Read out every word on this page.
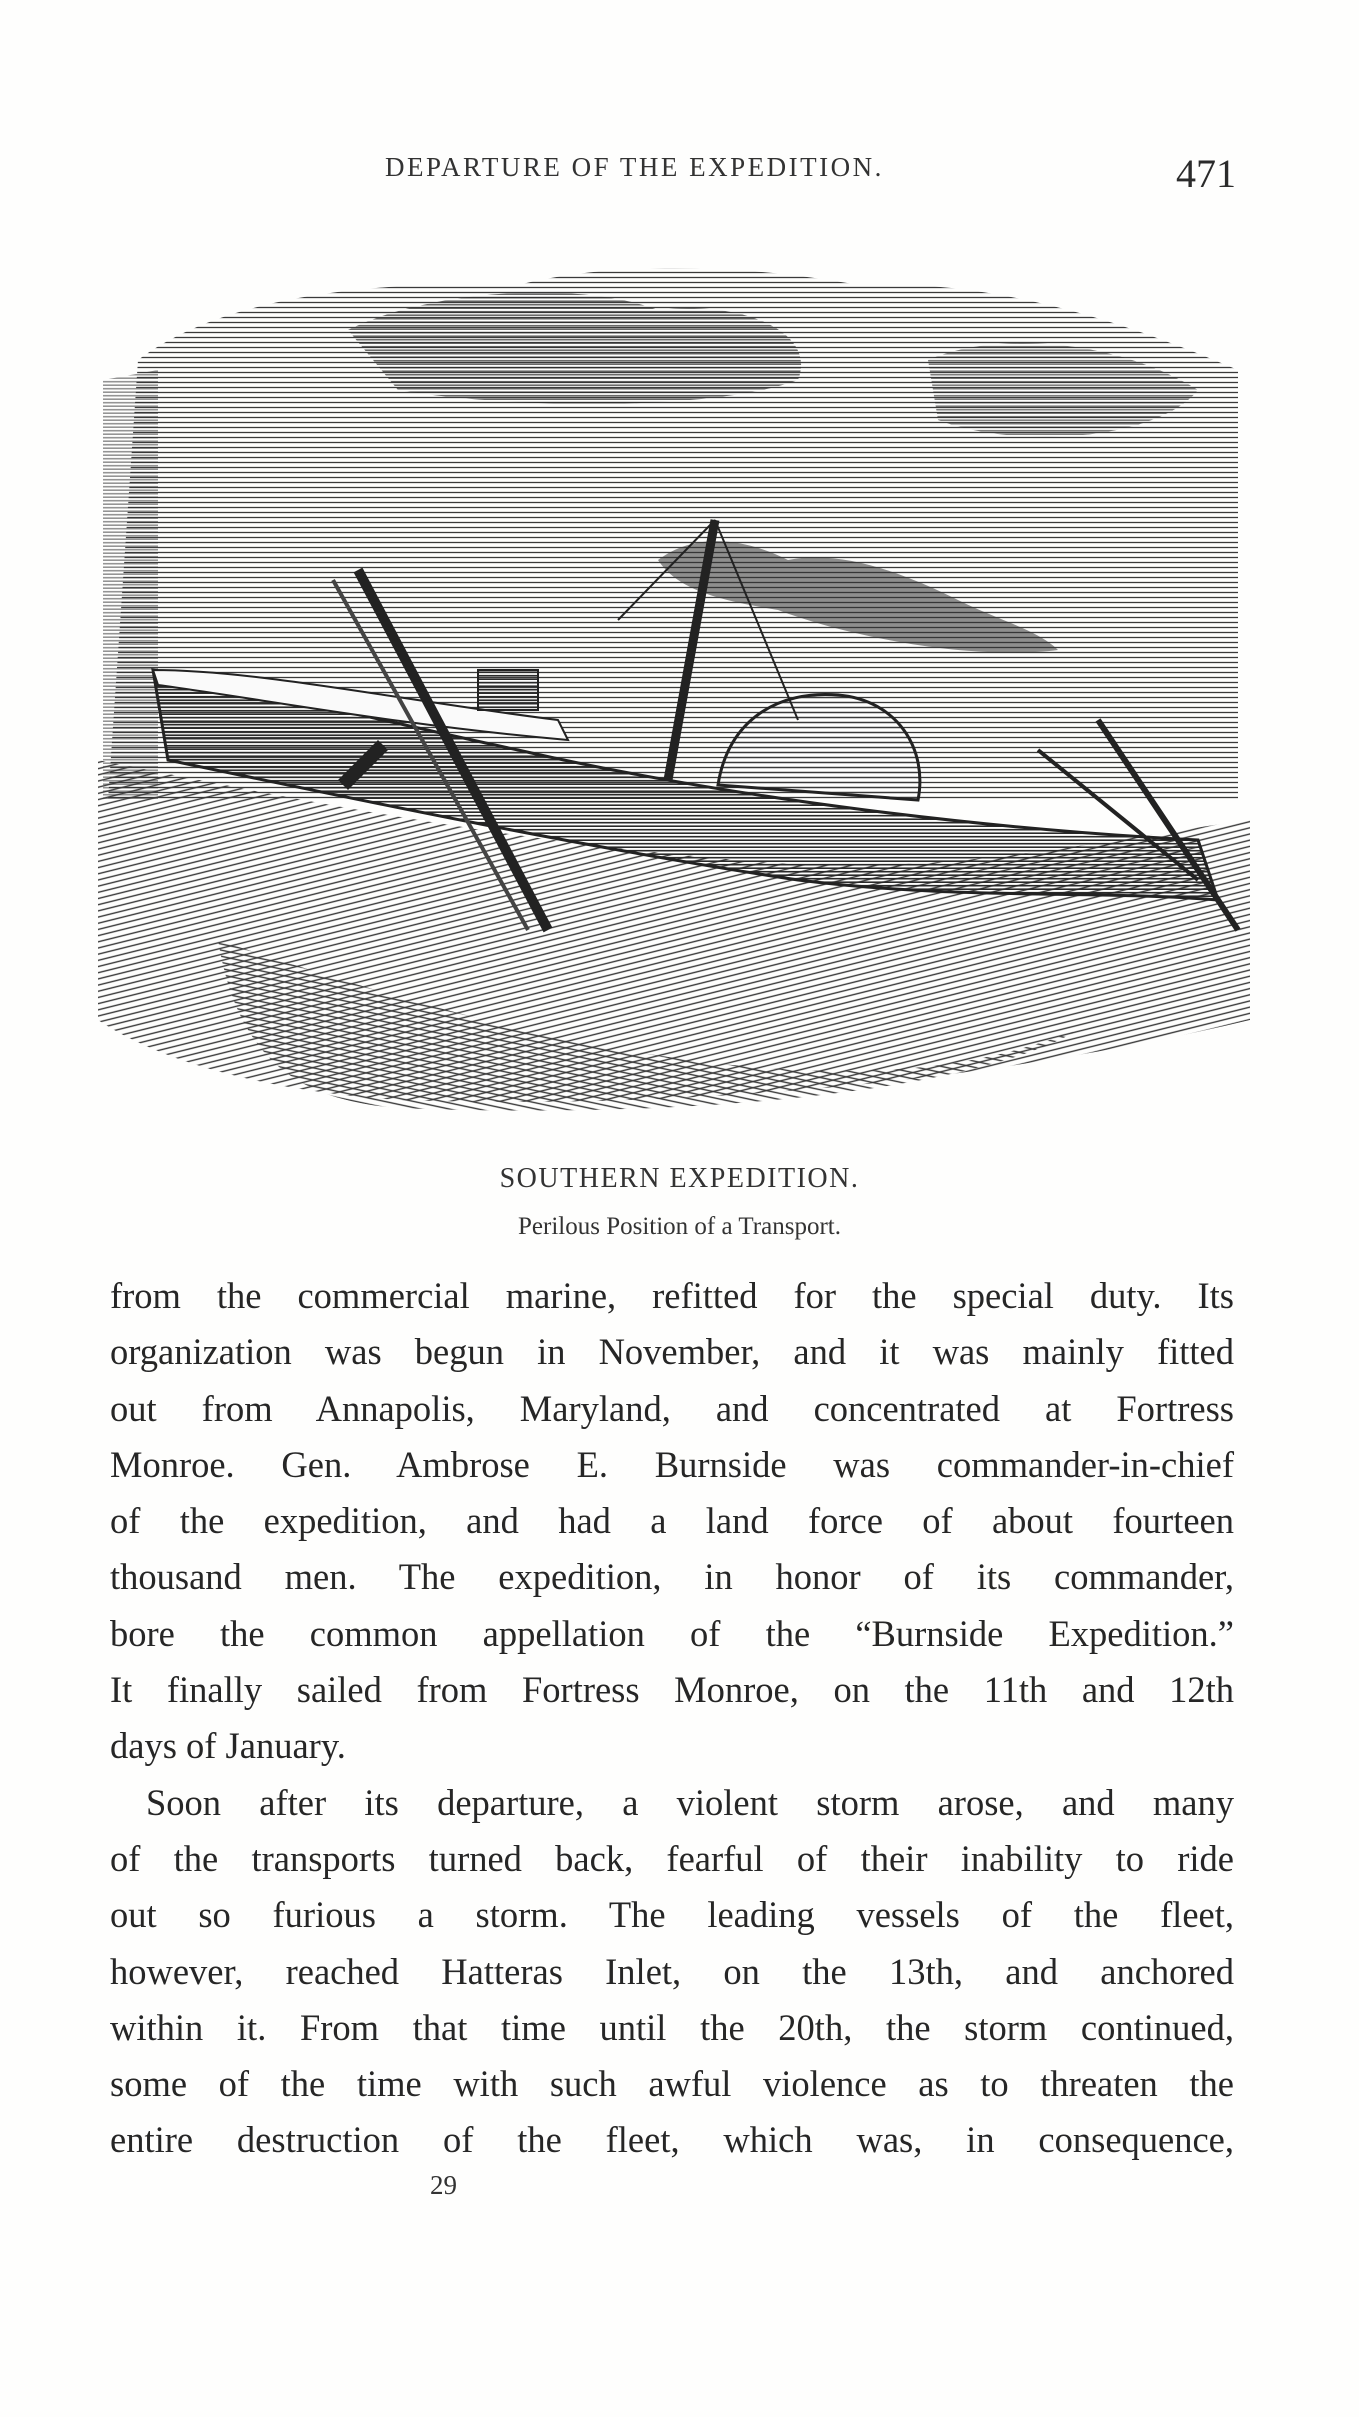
DEPARTURE OF THE EXPEDITION.	471
SOUTHERN EXPEDITION.
Perilous Position of a Transport.
from the commercial marine, refitted for the special duty. Its
organization was begun in November, and it was mainly fitted
out from Annapolis, Maryland, and concentrated at Fortress
Monroe. Gen. Ambrose E. Burnside was commander-in-chief
of the expedition, and had a land force of about fourteen
thousand men. The expedition, in honor of its commander,
bore the common appellation of the “Burnside Expedition.”
It finally sailed from Fortress Monroe, on the 11th and 12th
days of January.
Soon after its departure, a violent storm arose, and many
of the transports turned back, fearful of their inability to ride
out so furious a storm. The leading vessels of the fleet,
however, reached Hatteras Inlet, on the 13th, and anchored
within it. From that time until the 20th, the storm continued,
some of the time with such awful violence as to threaten the
entire destruction of the fleet, which was, in consequence,
29
